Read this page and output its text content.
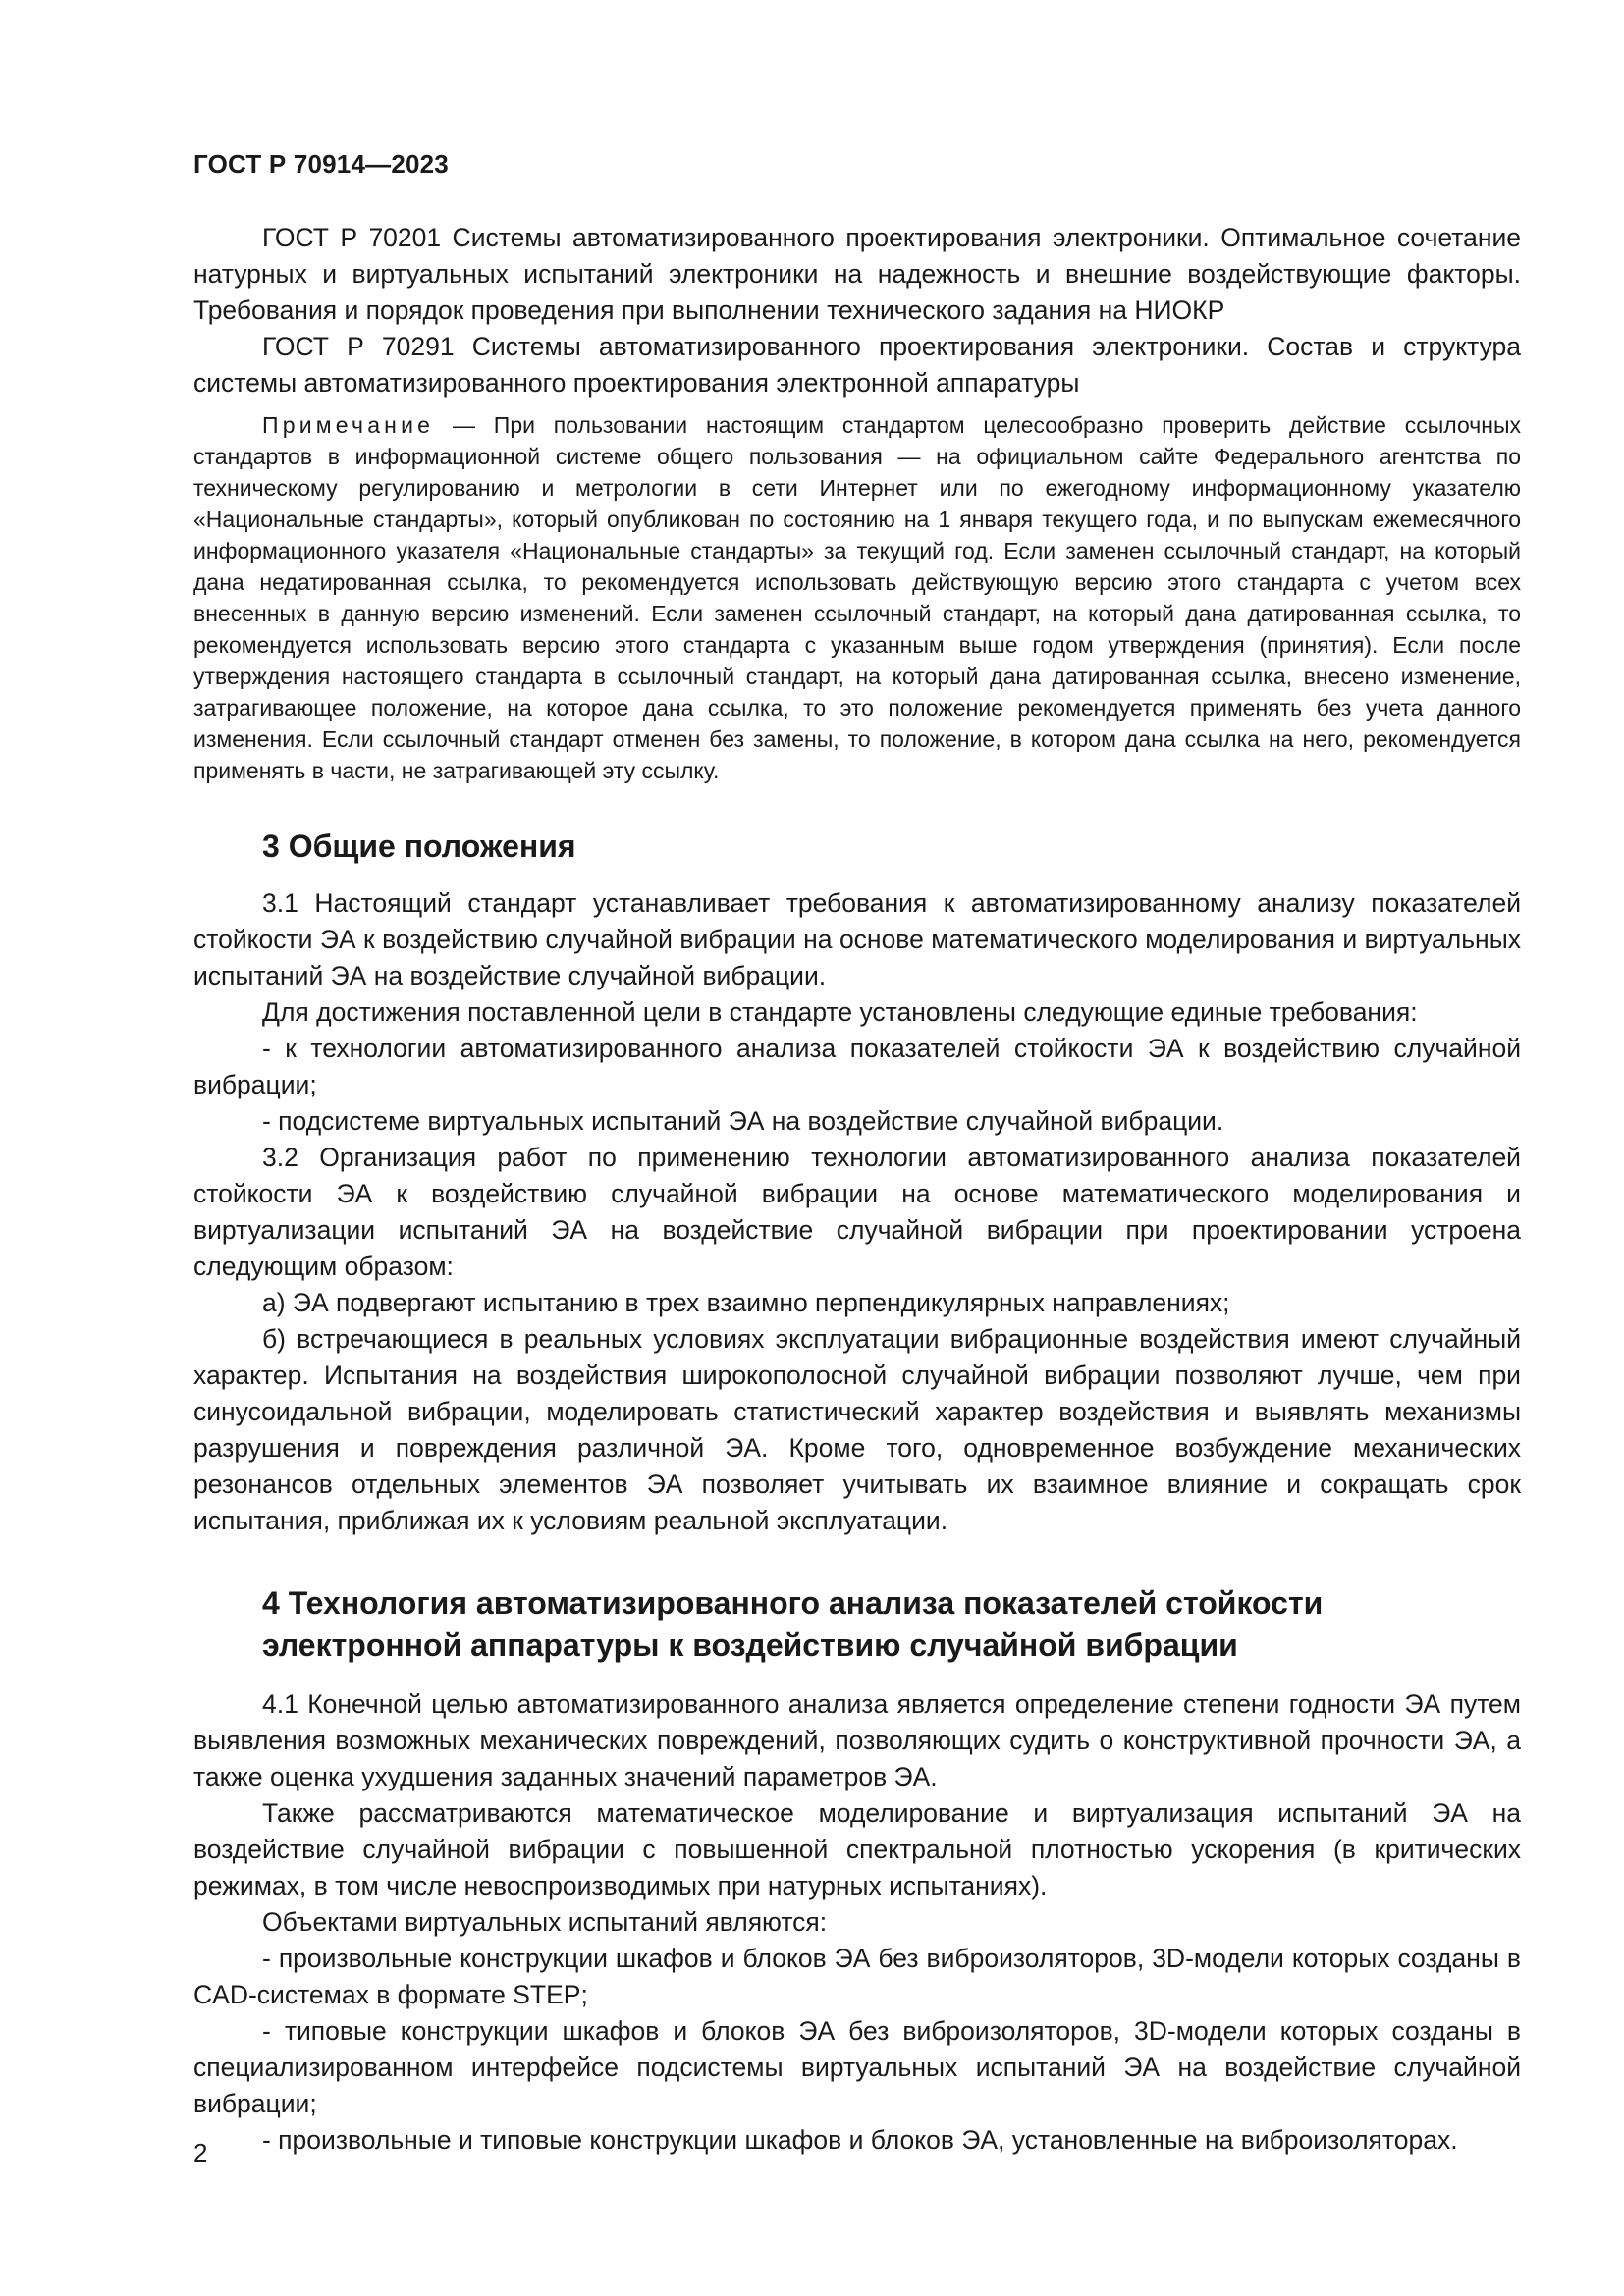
ГОСТ Р 70914—2023

ГОСТ Р 70201 Системы автоматизированного проектирования электроники. Оптимальное сочетание натурных и виртуальных испытаний электроники на надежность и внешние воздействующие факторы. Требования и порядок проведения при выполнении технического задания на НИОКР

ГОСТ Р 70291 Системы автоматизированного проектирования электроники. Состав и структура системы автоматизированного проектирования электронной аппаратуры

Примечание — При пользовании настоящим стандартом целесообразно проверить действие ссылочных стандартов в информационной системе общего пользования — на официальном сайте Федерального агентства по техническому регулированию и метрологии в сети Интернет или по ежегодному информационному указателю «Национальные стандарты», который опубликован по состоянию на 1 января текущего года, и по выпускам ежемесячного информационного указателя «Национальные стандарты» за текущий год. Если заменен ссылочный стандарт, на который дана недатированная ссылка, то рекомендуется использовать действующую версию этого стандарта с учетом всех внесенных в данную версию изменений. Если заменен ссылочный стандарт, на который дана датированная ссылка, то рекомендуется использовать версию этого стандарта с указанным выше годом утверждения (принятия). Если после утверждения настоящего стандарта в ссылочный стандарт, на который дана датированная ссылка, внесено изменение, затрагивающее положение, на которое дана ссылка, то это положение рекомендуется применять без учета данного изменения. Если ссылочный стандарт отменен без замены, то положение, в котором дана ссылка на него, рекомендуется применять в части, не затрагивающей эту ссылку.

3 Общие положения

3.1 Настоящий стандарт устанавливает требования к автоматизированному анализу показателей стойкости ЭА к воздействию случайной вибрации на основе математического моделирования и виртуальных испытаний ЭА на воздействие случайной вибрации.

Для достижения поставленной цели в стандарте установлены следующие единые требования:

- к технологии автоматизированного анализа показателей стойкости ЭА к воздействию случайной вибрации;

- подсистеме виртуальных испытаний ЭА на воздействие случайной вибрации.

3.2 Организация работ по применению технологии автоматизированного анализа показателей стойкости ЭА к воздействию случайной вибрации на основе математического моделирования и виртуализации испытаний ЭА на воздействие случайной вибрации при проектировании устроена следующим образом:

а) ЭА подвергают испытанию в трех взаимно перпендикулярных направлениях;

б) встречающиеся в реальных условиях эксплуатации вибрационные воздействия имеют случайный характер. Испытания на воздействия широкополосной случайной вибрации позволяют лучше, чем при синусоидальной вибрации, моделировать статистический характер воздействия и выявлять механизмы разрушения и повреждения различной ЭА. Кроме того, одновременное возбуждение механических резонансов отдельных элементов ЭА позволяет учитывать их взаимное влияние и сокращать срок испытания, приближая их к условиям реальной эксплуатации.

4 Технология автоматизированного анализа показателей стойкости
электронной аппаратуры к воздействию случайной вибрации

4.1 Конечной целью автоматизированного анализа является определение степени годности ЭА путем выявления возможных механических повреждений, позволяющих судить о конструктивной прочности ЭА, а также оценка ухудшения заданных значений параметров ЭА.

Также рассматриваются математическое моделирование и виртуализация испытаний ЭА на воздействие случайной вибрации с повышенной спектральной плотностью ускорения (в критических режимах, в том числе невоспроизводимых при натурных испытаниях).

Объектами виртуальных испытаний являются:

- произвольные конструкции шкафов и блоков ЭА без виброизоляторов, 3D-модели которых созданы в CAD-системах в формате STEP;

- типовые конструкции шкафов и блоков ЭА без виброизоляторов, 3D-модели которых созданы в специализированном интерфейсе подсистемы виртуальных испытаний ЭА на воздействие случайной вибрации;

- произвольные и типовые конструкции шкафов и блоков ЭА, установленные на виброизоляторах.

2
